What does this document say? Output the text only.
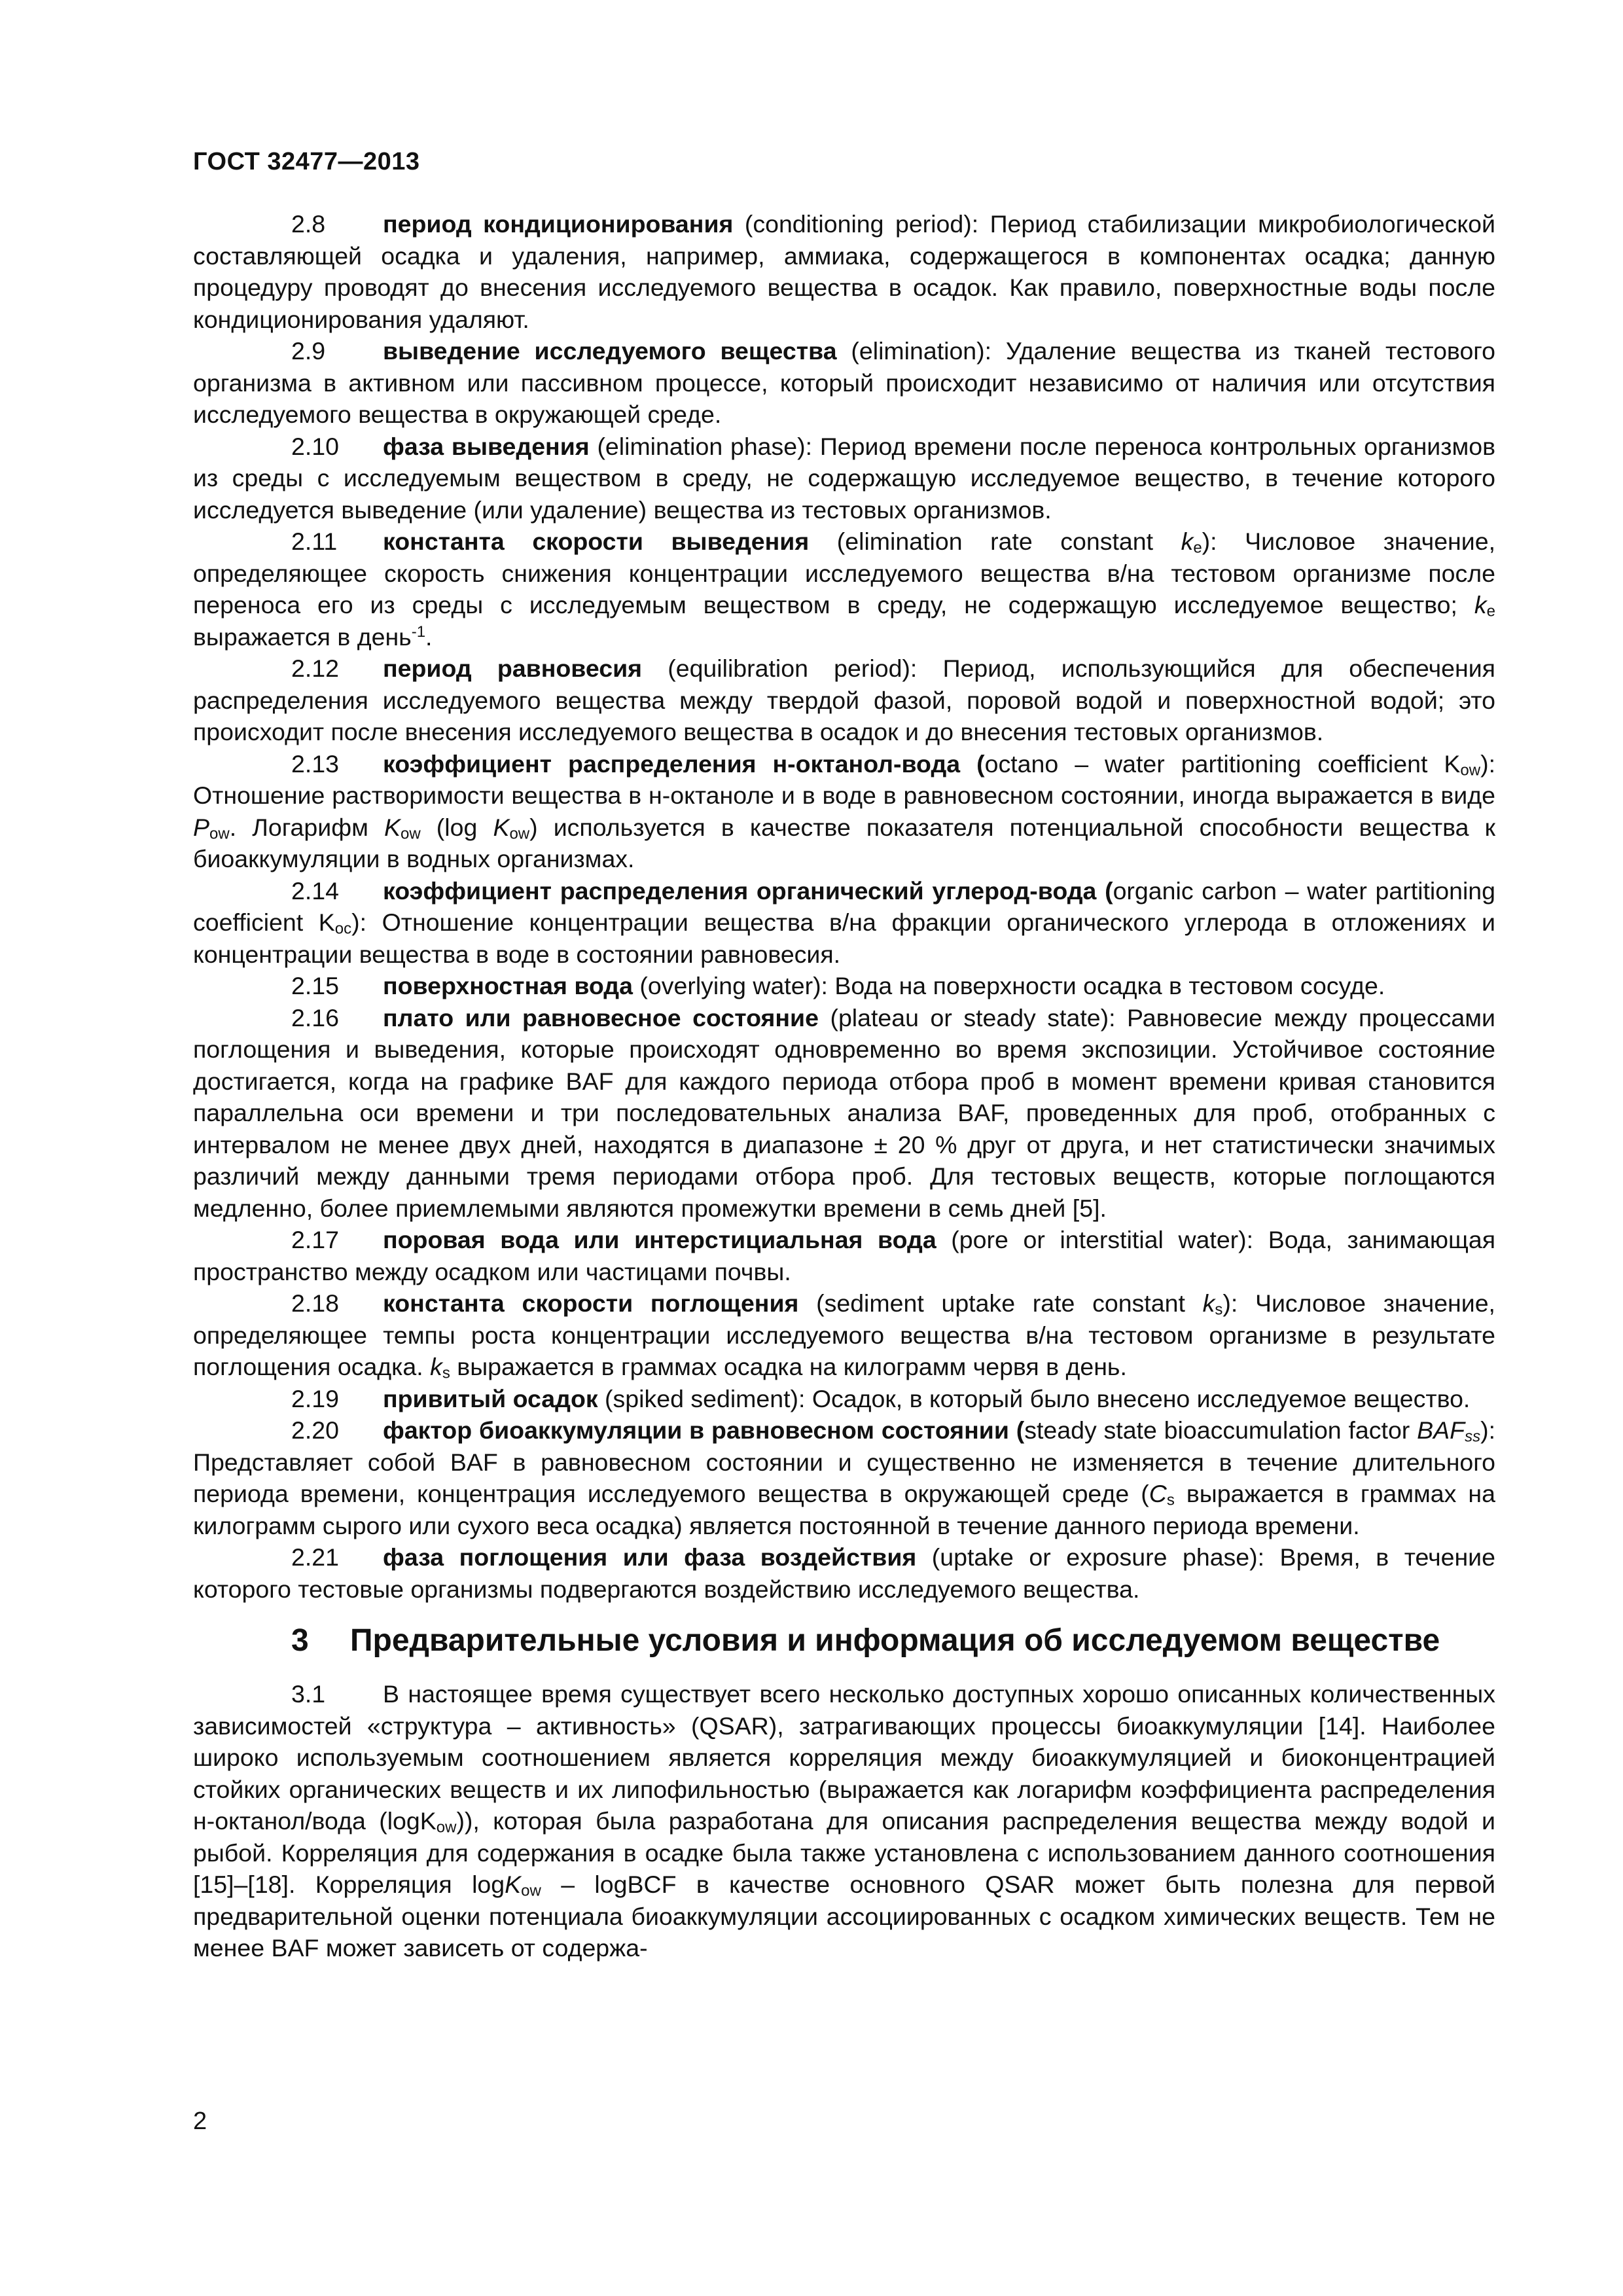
ГОСТ 32477—2013

2.8 период кондиционирования (conditioning period): Период стабилизации микробиологической составляющей осадка и удаления, например, аммиака, содержащегося в компонентах осадка; данную процедуру проводят до внесения исследуемого вещества в осадок. Как правило, поверхностные воды после кондиционирования удаляют.

2.9 выведение исследуемого вещества (elimination): Удаление вещества из тканей тестового организма в активном или пассивном процессе, который происходит независимо от наличия или отсутствия исследуемого вещества в окружающей среде.

2.10 фаза выведения (elimination phase): Период времени после переноса контрольных организмов из среды с исследуемым веществом в среду, не содержащую исследуемое вещество, в течение которого исследуется выведение (или удаление) вещества из тестовых организмов.

2.11 константа скорости выведения (elimination rate constant $k_e$): Числовое значение, определяющее скорость снижения концентрации исследуемого вещества в/на тестовом организме после переноса его из среды с исследуемым веществом в среду, не содержащую исследуемое вещество; $k_e$ выражается в день$^{-1}$.

2.12 период равновесия (equilibration period): Период, использующийся для обеспечения распределения исследуемого вещества между твердой фазой, поровой водой и поверхностной водой; это происходит после внесения исследуемого вещества в осадок и до внесения тестовых организмов.

2.13 коэффициент распределения н-октанол-вода (octano – water partitioning coefficient $K_{ow}$): Отношение растворимости вещества в н-октаноле и в воде в равновесном состоянии, иногда выражается в виде $P_{ow}$. Логарифм $K_{ow}$ (log $K_{ow}$) используется в качестве показателя потенциальной способности вещества к биоаккумуляции в водных организмах.

2.14 коэффициент распределения органический углерод-вода (organic carbon – water partitioning coefficient $K_{oc}$): Отношение концентрации вещества в/на фракции органического углерода в отложениях и концентрации вещества в воде в состоянии равновесия.

2.15 поверхностная вода (overlying water): Вода на поверхности осадка в тестовом сосуде.

2.16 плато или равновесное состояние (plateau or steady state): Равновесие между процессами поглощения и выведения, которые происходят одновременно во время экспозиции. Устойчивое состояние достигается, когда на графике BAF для каждого периода отбора проб в момент времени кривая становится параллельна оси времени и три последовательных анализа BAF, проведенных для проб, отобранных с интервалом не менее двух дней, находятся в диапазоне ± 20 % друг от друга, и нет статистически значимых различий между данными тремя периодами отбора проб. Для тестовых веществ, которые поглощаются медленно, более приемлемыми являются промежутки времени в семь дней [5].

2.17 поровая вода или интерстициальная вода (pore or interstitial water): Вода, занимающая пространство между осадком или частицами почвы.

2.18 константа скорости поглощения (sediment uptake rate constant $k_s$): Числовое значение, определяющее темпы роста концентрации исследуемого вещества в/на тестовом организме в результате поглощения осадка. $k_s$ выражается в граммах осадка на килограмм червя в день.

2.19 привитый осадок (spiked sediment): Осадок, в который было внесено исследуемое вещество.

2.20 фактор биоаккумуляции в равновесном состоянии (steady state bioaccumulation factor $BAF_{ss}$): Представляет собой BAF в равновесном состоянии и существенно не изменяется в течение длительного периода времени, концентрация исследуемого вещества в окружающей среде ($C_s$ выражается в граммах на килограмм сырого или сухого веса осадка) является постоянной в течение данного периода времени.

2.21 фаза поглощения или фаза воздействия (uptake or exposure phase): Время, в течение которого тестовые организмы подвергаются воздействию исследуемого вещества.

3 Предварительные условия и информация об исследуемом веществе

3.1 В настоящее время существует всего несколько доступных хорошо описанных количественных зависимостей «структура – активность» (QSAR), затрагивающих процессы биоаккумуляции [14]. Наиболее широко используемым соотношением является корреляция между биоаккумуляцией и биоконцентрацией стойких органических веществ и их липофильностью (выражается как логарифм коэффициента распределения н-октанол/вода (logK$_{ow}$)), которая была разработана для описания распределения вещества между водой и рыбой. Корреляция для содержания в осадке была также установлена с использованием данного соотношения [15]–[18]. Корреляция logK$_{ow}$ – logBCF в качестве основного QSAR может быть полезна для первой предварительной оценки потенциала биоаккумуляции ассоциированных с осадком химических веществ. Тем не менее BAF может зависеть от содержа-

2
